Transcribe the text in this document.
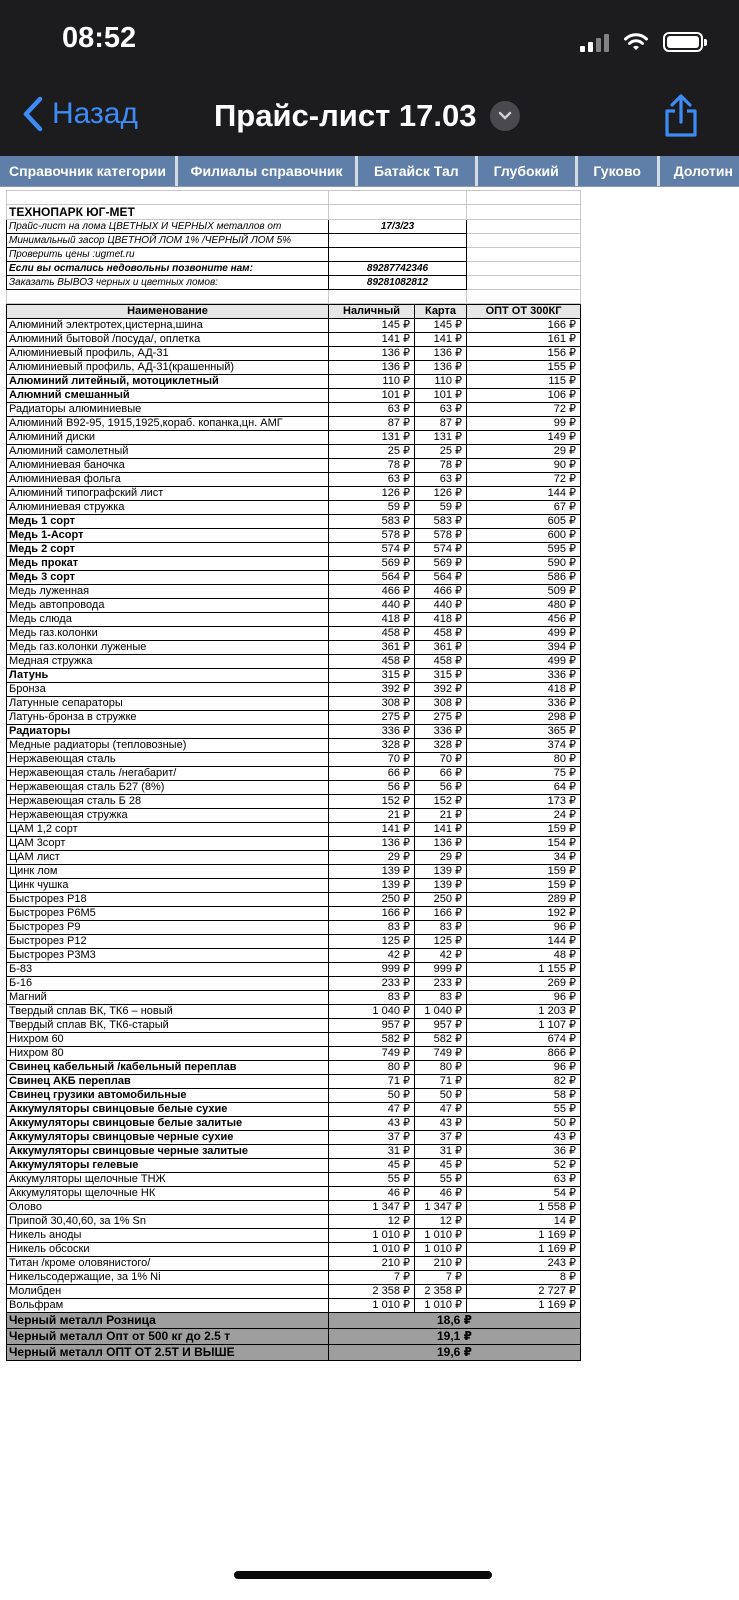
08:52
Назад Прайс-лист 17.03
Справочник категории	Филиалы справочник	Батайск Тал	Глубокий	Гуково	Долотин

ТЕХНОПАРК ЮГ-МЕТ		
Прайс-лист на лома ЦВЕТНЫХ И ЧЕРНЫХ металлов от	17/3/23	
Минимальный засор ЦВЕТНОЙ ЛОМ 1% /ЧЕРНЫЙ ЛОМ 5%		
Проверить цены :ugmet.ru		
Если вы остались недовольны позвоните нам:	89287742346	
Заказать ВЫВОЗ черных и цветных ломов:	89281082812	

Наименование	Наличный	Карта	ОПТ ОТ 300КГ
Алюминий электротех,цистерна,шина	145 ₽	145 ₽	166 ₽
Алюминий бытовой /посуда/, оплетка	141 ₽	141 ₽	161 ₽
Алюминиевый профиль, АД-31	136 ₽	136 ₽	156 ₽
Алюминиевый профиль, АД-31(крашенный)	136 ₽	136 ₽	155 ₽
Алюминий литейный, мотоциклетный	110 ₽	110 ₽	115 ₽
Алюмний смешанный	101 ₽	101 ₽	106 ₽
Радиаторы алюминиевые	63 ₽	63 ₽	72 ₽
Алюминий В92-95, 1915,1925,кораб. копанка,цн. АМГ	87 ₽	87 ₽	99 ₽
Алюминий диски	131 ₽	131 ₽	149 ₽
Алюминий самолетный	25 ₽	25 ₽	29 ₽
Алюминиевая баночка	78 ₽	78 ₽	90 ₽
Алюминиевая фольга	63 ₽	63 ₽	72 ₽
Алюминий типографский лист	126 ₽	126 ₽	144 ₽
Алюминиевая стружка	59 ₽	59 ₽	67 ₽
Медь 1 сорт	583 ₽	583 ₽	605 ₽
Медь 1-Асорт	578 ₽	578 ₽	600 ₽
Медь 2 сорт	574 ₽	574 ₽	595 ₽
Медь прокат	569 ₽	569 ₽	590 ₽
Медь 3 сорт	564 ₽	564 ₽	586 ₽
Медь луженная	466 ₽	466 ₽	509 ₽
Медь автопровода	440 ₽	440 ₽	480 ₽
Медь слюда	418 ₽	418 ₽	456 ₽
Медь газ.колонки	458 ₽	458 ₽	499 ₽
Медь газ.колонки луженые	361 ₽	361 ₽	394 ₽
Медная стружка	458 ₽	458 ₽	499 ₽
Латунь	315 ₽	315 ₽	336 ₽
Бронза	392 ₽	392 ₽	418 ₽
Латунные сепараторы	308 ₽	308 ₽	336 ₽
Латунь-бронза в стружке	275 ₽	275 ₽	298 ₽
Радиаторы	336 ₽	336 ₽	365 ₽
Медные радиаторы (тепловозные)	328 ₽	328 ₽	374 ₽
Нержавеющая сталь	70 ₽	70 ₽	80 ₽
Нержавеющая сталь /негабарит/	66 ₽	66 ₽	75 ₽
Нержавеющая сталь Б27 (8%)	56 ₽	56 ₽	64 ₽
Нержавеющая сталь Б 28	152 ₽	152 ₽	173 ₽
Нержавеющая стружка	21 ₽	21 ₽	24 ₽
ЦАМ 1,2 сорт	141 ₽	141 ₽	159 ₽
ЦАМ 3сорт	136 ₽	136 ₽	154 ₽
ЦАМ лист	29 ₽	29 ₽	34 ₽
Цинк лом	139 ₽	139 ₽	159 ₽
Цинк чушка	139 ₽	139 ₽	159 ₽
Быстрорез Р18	250 ₽	250 ₽	289 ₽
Быстрорез Р6М5	166 ₽	166 ₽	192 ₽
Быстрорез Р9	83 ₽	83 ₽	96 ₽
Быстрорез Р12	125 ₽	125 ₽	144 ₽
Быстрорез Р3М3	42 ₽	42 ₽	48 ₽
Б-83	999 ₽	999 ₽	1 155 ₽
Б-16	233 ₽	233 ₽	269 ₽
Магний	83 ₽	83 ₽	96 ₽
Твердый сплав ВК, ТК6 – новый	1 040 ₽	1 040 ₽	1 203 ₽
Твердый сплав ВК, ТК6-старый	957 ₽	957 ₽	1 107 ₽
Нихром 60	582 ₽	582 ₽	674 ₽
Нихром 80	749 ₽	749 ₽	866 ₽
Свинец кабельный /кабельный переплав	80 ₽	80 ₽	96 ₽
Свинец АКБ переплав	71 ₽	71 ₽	82 ₽
Свинец грузики автомобильные	50 ₽	50 ₽	58 ₽
Аккумуляторы свинцовые белые сухие	47 ₽	47 ₽	55 ₽
Аккумуляторы свинцовые белые залитые	43 ₽	43 ₽	50 ₽
Аккумуляторы свинцовые черные сухие	37 ₽	37 ₽	43 ₽
Аккумуляторы свинцовые черные залитые	31 ₽	31 ₽	36 ₽
Аккумуляторы гелевые	45 ₽	45 ₽	52 ₽
Аккумуляторы щелочные ТНЖ	55 ₽	55 ₽	63 ₽
Аккумуляторы щелочные НК	46 ₽	46 ₽	54 ₽
Олово	1 347 ₽	1 347 ₽	1 558 ₽
Припой 30,40,60, за 1% Sn	12 ₽	12 ₽	14 ₽
Никель аноды	1 010 ₽	1 010 ₽	1 169 ₽
Никель обсоски	1 010 ₽	1 010 ₽	1 169 ₽
Титан /кроме оловянистого/	210 ₽	210 ₽	243 ₽
Никельсодержащие, за 1% Ni	7 ₽	7 ₽	8 ₽
Молибден	2 358 ₽	2 358 ₽	2 727 ₽
Вольфрам	1 010 ₽	1 010 ₽	1 169 ₽
Черный металл Розница	18,6 ₽		
Черный металл Опт от 500 кг до 2.5 т	19,1 ₽		
Черный металл ОПТ ОТ 2.5Т И ВЫШЕ	19,6 ₽		
